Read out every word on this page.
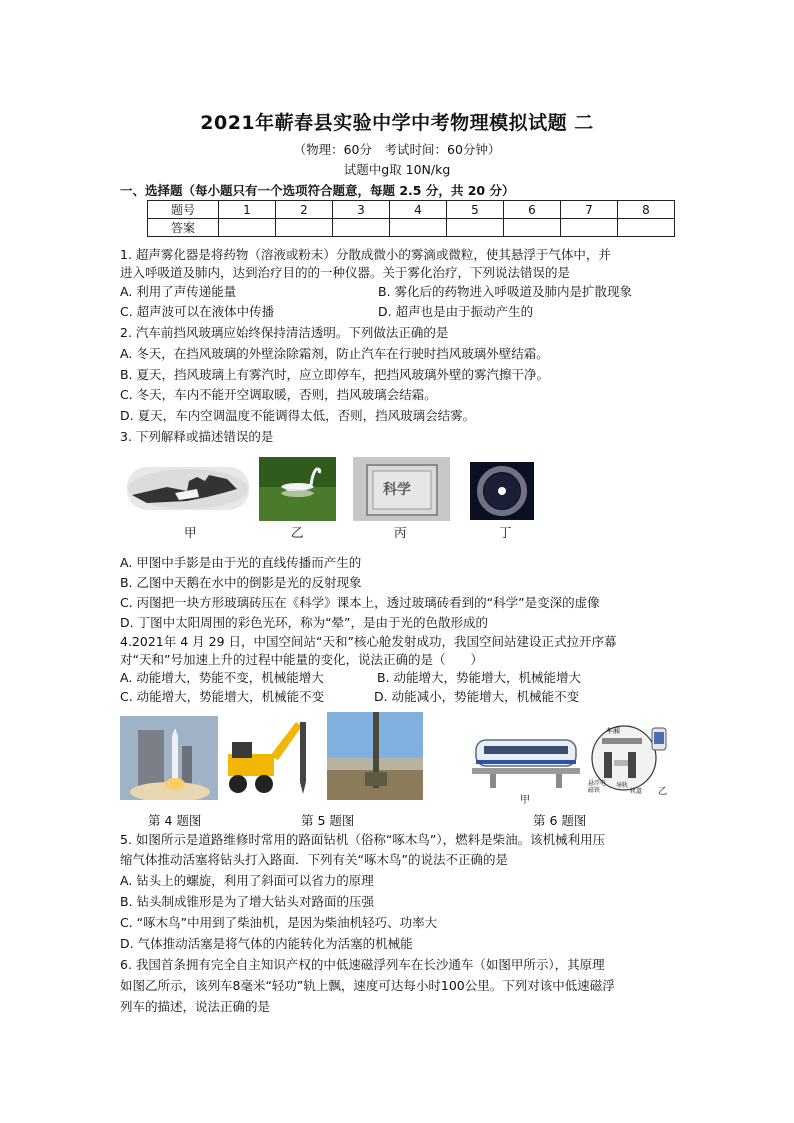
2021年蕲春县实验中学中考物理模拟试题 二
（物理：60分　考试时间：60分钟）
试题中g取 10N/kg
一、选择题（每小题只有一个选项符合题意，每题 2.5 分，共 20 分）
题号	1	2	3	4	5	6	7	8
答案								
1. 超声雾化器是将药物（溶液或粉末）分散成微小的雾滴或微粒，使其悬浮于气体中，并
进入呼吸道及肺内，达到治疗目的的一种仪器。关于雾化治疗，下列说法错误的是
A. 利用了声传递能量	B. 雾化后的药物进入呼吸道及肺内是扩散现象
C. 超声波可以在液体中传播	D. 超声也是由于振动产生的
2. 汽车前挡风玻璃应始终保持清洁透明。下列做法正确的是
A. 冬天，在挡风玻璃的外壁涂除霜剂，防止汽车在行驶时挡风玻璃外壁结霜。
B. 夏天，挡风玻璃上有雾汽时，应立即停车，把挡风玻璃外壁的雾汽擦干净。
C. 冬天，车内不能开空调取暖，否则，挡风玻璃会结霜。
D. 夏天，车内空调温度不能调得太低，否则，挡风玻璃会结雾。
3. 下列解释或描述错误的是
甲	乙
科学
丙	丁
A. 甲图中手影是由于光的直线传播而产生的
B. 乙图中天鹅在水中的倒影是光的反射现象
C. 丙图把一块方形玻璃砖压在《科学》课本上，透过玻璃砖看到的“科学”是变深的虚像
D. 丁图中太阳周围的彩色光环，称为“晕”，是由于光的色散形成的
4.2021年 4 月 29 日，中国空间站“天和”核心舱发射成功，我国空间站建设正式拉开序幕
对“天和”号加速上升的过程中能量的变化，说法正确的是（　　）
A. 动能增大，势能不变，机械能增大	B. 动能增大，势能增大，机械能增大
C. 动能增大，势能增大，机械能不变	D. 动能减小，势能增大，机械能不变
第 4 题图	第 5 题图
甲
车厢
悬浮电磁铁
导轨
轨道 乙
第 6 题图
5. 如图所示是道路维修时常用的路面钻机（俗称“啄木鸟”），燃料是柴油。该机械利用压
缩气体推动活塞将钻头打入路面．下列有关“啄木鸟”的说法不正确的是
A. 钻头上的螺旋，利用了斜面可以省力的原理
B. 钻头制成锥形是为了增大钻头对路面的压强
C. “啄木鸟”中用到了柴油机，是因为柴油机轻巧、功率大
D. 气体推动活塞是将气体的内能转化为活塞的机械能
6. 我国首条拥有完全自主知识产权的中低速磁浮列车在长沙通车（如图甲所示），其原理
如图乙所示，该列车8毫米“轻功”轨上飘，速度可达每小时100公里。下列对该中低速磁浮
列车的描述，说法正确的是
